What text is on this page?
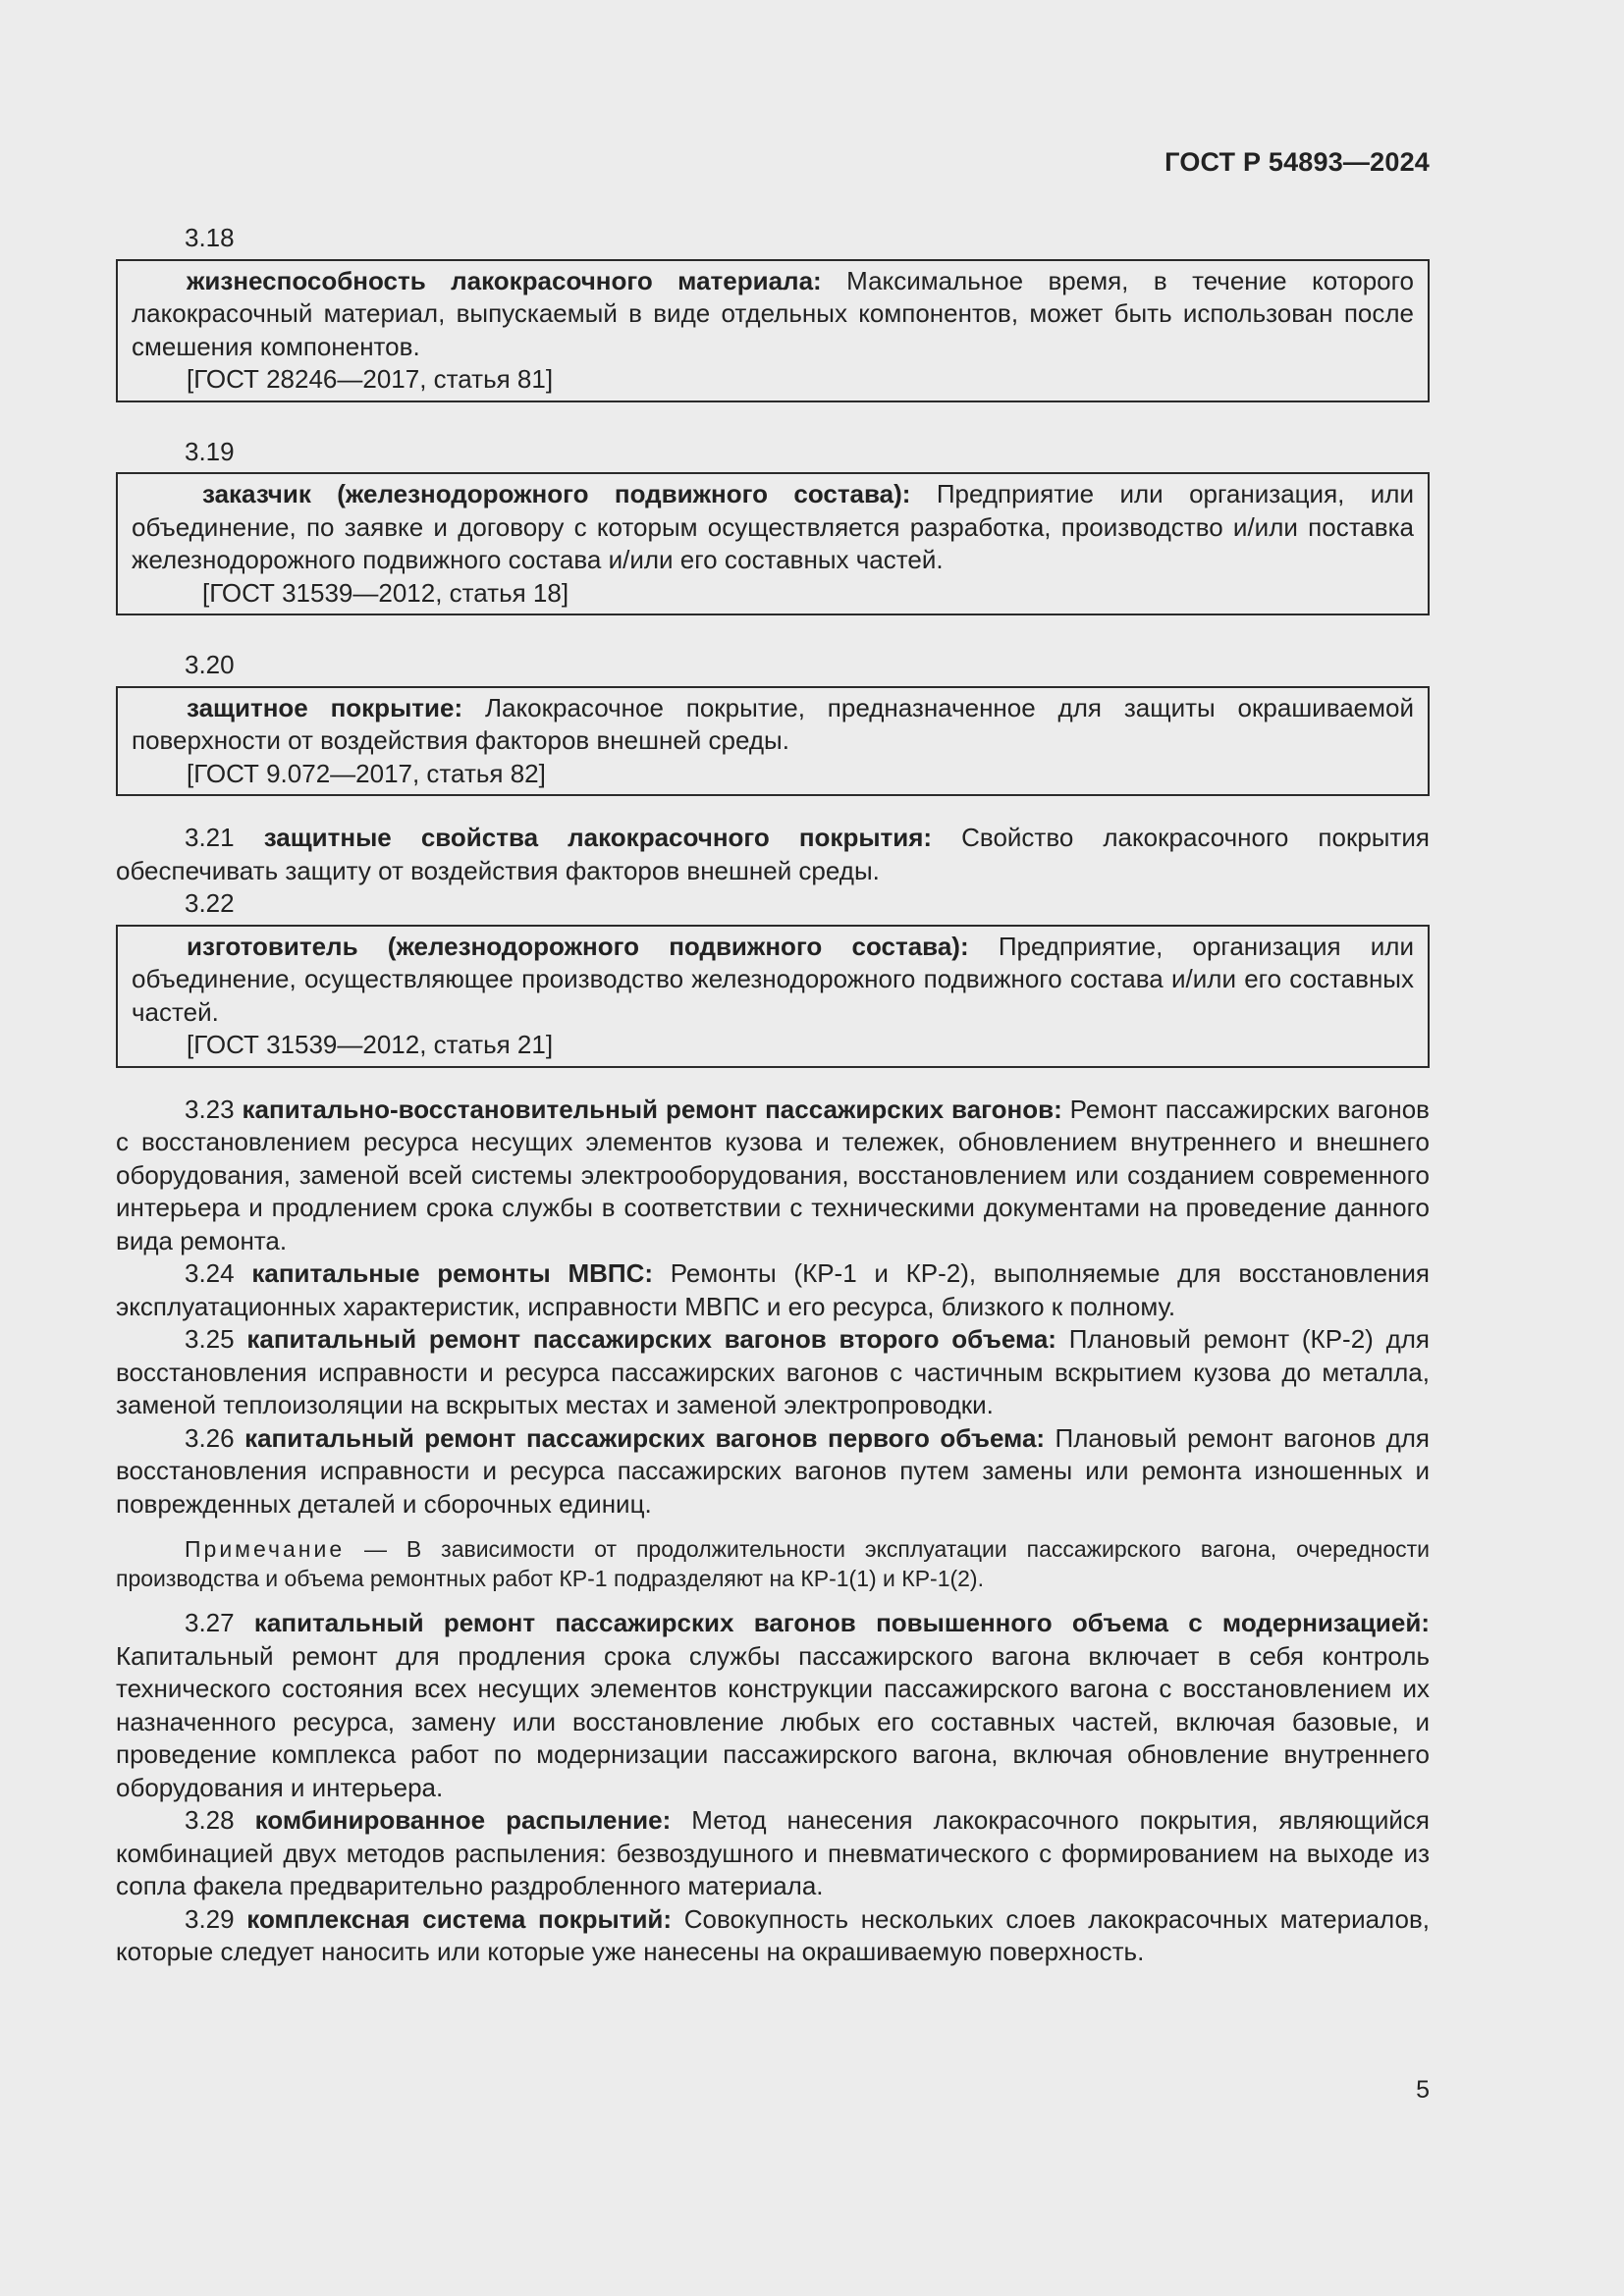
ГОСТ Р 54893—2024

3.18

жизнеспособность лакокрасочного материала: Максимальное время, в течение которого лакокрасочный материал, выпускаемый в виде отдельных компонентов, может быть использован после смешения компонентов.

[ГОСТ 28246—2017, статья 81]

3.19

заказчик (железнодорожного подвижного состава): Предприятие или организация, или объединение, по заявке и договору с которым осуществляется разработка, производство и/или поставка железнодорожного подвижного состава и/или его составных частей.

[ГОСТ 31539—2012, статья 18]

3.20

защитное покрытие: Лакокрасочное покрытие, предназначенное для защиты окрашиваемой поверхности от воздействия факторов внешней среды.

[ГОСТ 9.072—2017, статья 82]

3.21 защитные свойства лакокрасочного покрытия: Свойство лакокрасочного покрытия обеспечивать защиту от воздействия факторов внешней среды.

3.22

изготовитель (железнодорожного подвижного состава): Предприятие, организация или объединение, осуществляющее производство железнодорожного подвижного состава и/или его составных частей.

[ГОСТ 31539—2012, статья 21]

3.23 капитально-восстановительный ремонт пассажирских вагонов: Ремонт пассажирских вагонов с восстановлением ресурса несущих элементов кузова и тележек, обновлением внутреннего и внешнего оборудования, заменой всей системы электрооборудования, восстановлением или созданием современного интерьера и продлением срока службы в соответствии с техническими документами на проведение данного вида ремонта.

3.24 капитальные ремонты МВПС: Ремонты (КР-1 и КР-2), выполняемые для восстановления эксплуатационных характеристик, исправности МВПС и его ресурса, близкого к полному.

3.25 капитальный ремонт пассажирских вагонов второго объема: Плановый ремонт (КР-2) для восстановления исправности и ресурса пассажирских вагонов с частичным вскрытием кузова до металла, заменой теплоизоляции на вскрытых местах и заменой электропроводки.

3.26 капитальный ремонт пассажирских вагонов первого объема: Плановый ремонт вагонов для восстановления исправности и ресурса пассажирских вагонов путем замены или ремонта изношенных и поврежденных деталей и сборочных единиц.

Примечание — В зависимости от продолжительности эксплуатации пассажирского вагона, очередности производства и объема ремонтных работ КР-1 подразделяют на КР-1(1) и КР-1(2).

3.27 капитальный ремонт пассажирских вагонов повышенного объема с модернизацией: Капитальный ремонт для продления срока службы пассажирского вагона включает в себя контроль технического состояния всех несущих элементов конструкции пассажирского вагона с восстановлением их назначенного ресурса, замену или восстановление любых его составных частей, включая базовые, и проведение комплекса работ по модернизации пассажирского вагона, включая обновление внутреннего оборудования и интерьера.

3.28 комбинированное распыление: Метод нанесения лакокрасочного покрытия, являющийся комбинацией двух методов распыления: безвоздушного и пневматического с формированием на выходе из сопла факела предварительно раздробленного материала.

3.29 комплексная система покрытий: Совокупность нескольких слоев лакокрасочных материалов, которые следует наносить или которые уже нанесены на окрашиваемую поверхность.

5
